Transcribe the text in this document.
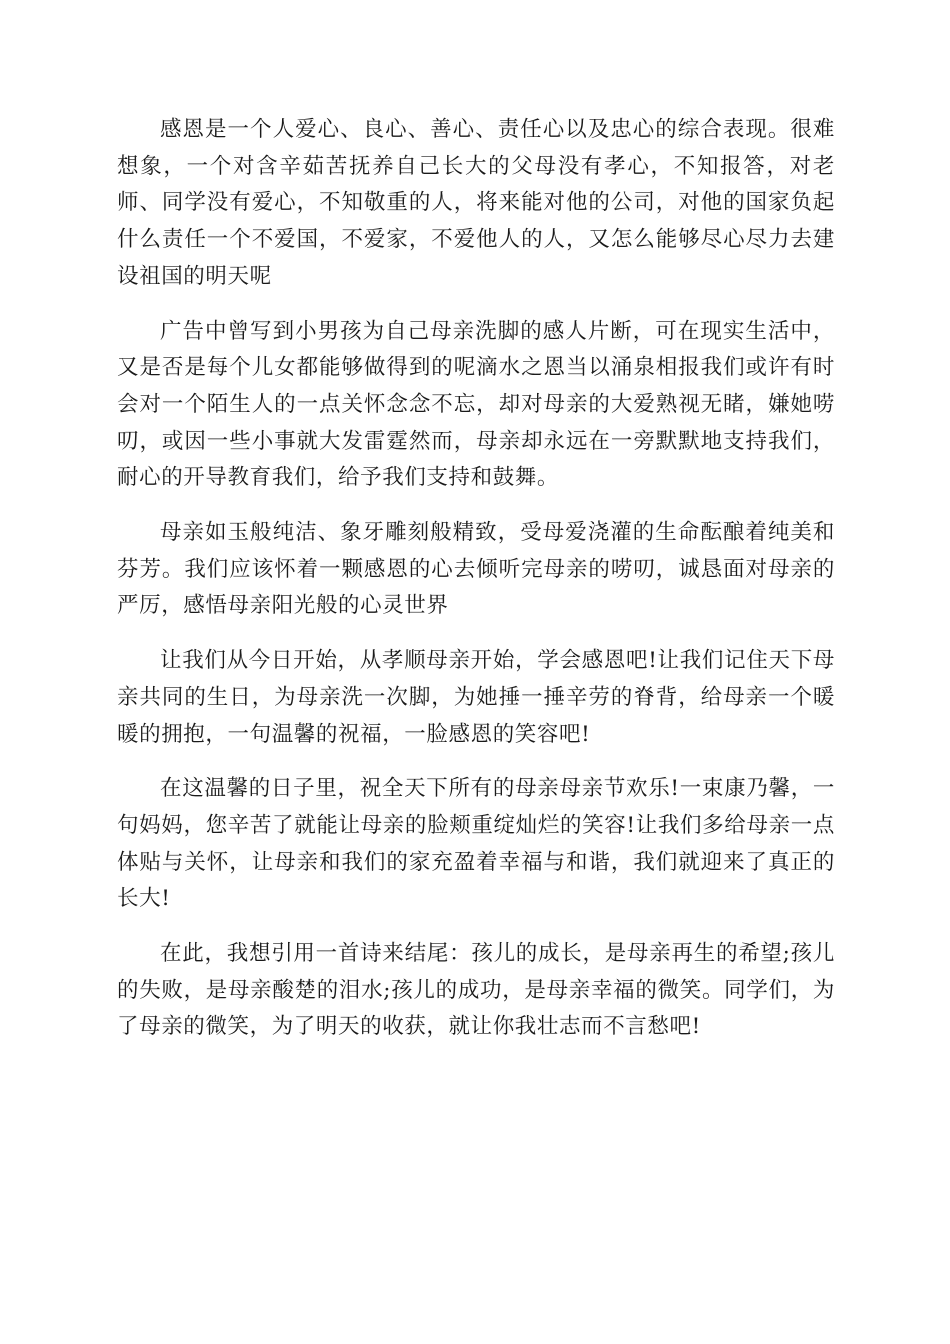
感恩是一个人爱心、良心、善心、责任心以及忠心的综合表现。很难想象，一个对含辛茹苦抚养自己长大的父母没有孝心，不知报答，对老师、同学没有爱心，不知敬重的人，将来能对他的公司，对他的国家负起什么责任一个不爱国，不爱家，不爱他人的人，又怎么能够尽心尽力去建设祖国的明天呢

广告中曾写到小男孩为自己母亲洗脚的感人片断，可在现实生活中，又是否是每个儿女都能够做得到的呢滴水之恩当以涌泉相报我们或许有时会对一个陌生人的一点关怀念念不忘，却对母亲的大爱熟视无睹，嫌她唠叨，或因一些小事就大发雷霆然而，母亲却永远在一旁默默地支持我们，耐心的开导教育我们，给予我们支持和鼓舞。

母亲如玉般纯洁、象牙雕刻般精致，受母爱浇灌的生命酝酿着纯美和芬芳。我们应该怀着一颗感恩的心去倾听完母亲的唠叨，诚恳面对母亲的严厉，感悟母亲阳光般的心灵世界

让我们从今日开始，从孝顺母亲开始，学会感恩吧!让我们记住天下母亲共同的生日，为母亲洗一次脚，为她捶一捶辛劳的脊背，给母亲一个暖暖的拥抱，一句温馨的祝福，一脸感恩的笑容吧!

在这温馨的日子里，祝全天下所有的母亲母亲节欢乐!一束康乃馨，一句妈妈，您辛苦了就能让母亲的脸颊重绽灿烂的笑容!让我们多给母亲一点体贴与关怀，让母亲和我们的家充盈着幸福与和谐，我们就迎来了真正的长大!

在此，我想引用一首诗来结尾：孩儿的成长，是母亲再生的希望;孩儿的失败，是母亲酸楚的泪水;孩儿的成功，是母亲幸福的微笑。同学们，为了母亲的微笑，为了明天的收获，就让你我壮志而不言愁吧!
